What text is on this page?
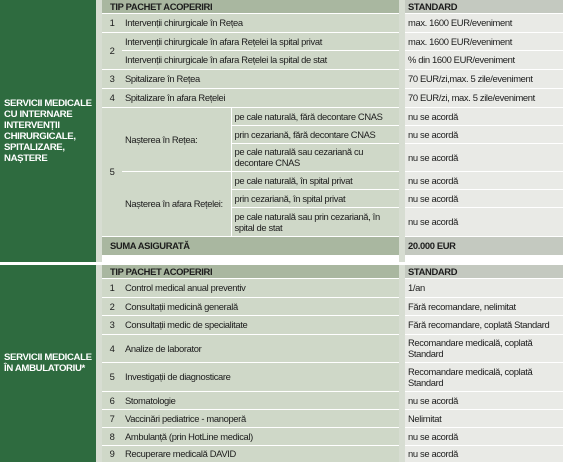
SERVICII MEDICALE CU INTERNARE INTERVENȚII CHIRURGICALE, SPITALIZARE, NAȘTERE		TIP PACHET ACOPERIRI				STANDARD
		1	Intervenții chirurgicale în Rețea			max. 1600 EUR/eveniment
		2	Intervenții chirurgicale în afara Rețelei la spital privat			max. 1600 EUR/eveniment
			Intervenții chirurgicale în afara Rețelei la spital de stat			% din 1600 EUR/eveniment
		3	Spitalizare în Rețea			70 EUR/zi,max. 5 zile/eveniment
		4	Spitalizare în afara Rețelei			70 EUR/zi, max. 5 zile/eveniment
		5	Nașterea în Rețea:	pe cale naturală, fără decontare CNAS		nu se acordă
				prin cezariană, fără decontare CNAS		nu se acordă
				pe cale naturală sau cezariană cu decontare CNAS		nu se acordă
			Nașterea în afara Rețelei:	pe cale naturală, în spital privat		nu se acordă
				prin cezariană, în spital privat		nu se acordă
				pe cale naturală sau prin cezariană, în spital de stat		nu se acordă
		SUMA ASIGURATĂ				20.000 EUR

SERVICII MEDICALE ÎN AMBULATORIU*		TIP PACHET ACOPERIRI				STANDARD
		1	Control medical anual preventiv			1/an
		2	Consultații medicină generală			Fără recomandare, nelimitat
		3	Consultații medic de specialitate			Fără recomandare, coplată Standard
		4	Analize de laborator			Recomandare medicală, coplată Standard
		5	Investigații de diagnosticare			Recomandare medicală, coplată Standard
		6	Stomatologie			nu se acordă
		7	Vaccinări pediatrice - manoperă			Nelimitat
		8	Ambulanță (prin HotLine medical)			nu se acordă
		9	Recuperare medicală DAVID			nu se acordă
